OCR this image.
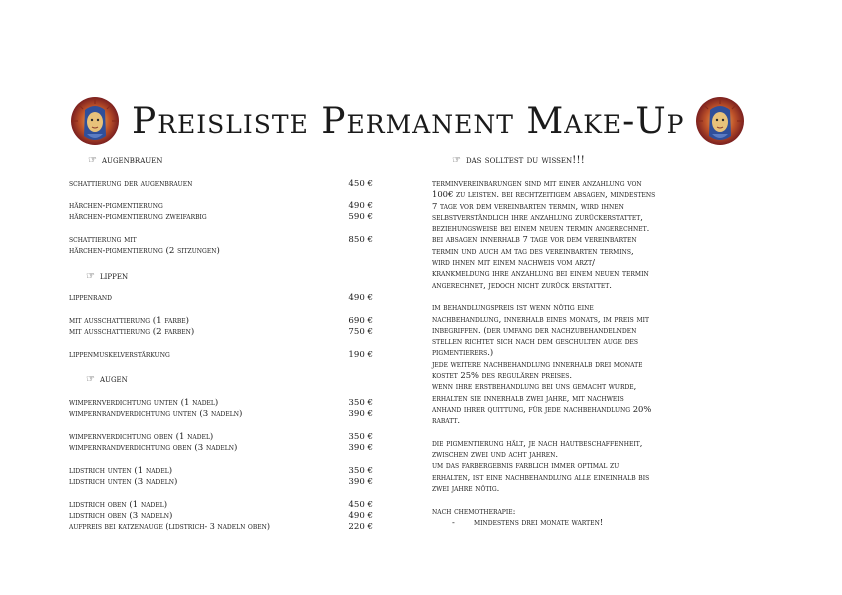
Preisliste Permanent Make-Up
☞ augenbrauen
☞ lippen
☞ augen
☞ das solltest du wissen!!!
schattierung der augenbrauen	450 €
härchen-pigmentierung	490 €
härchen-pigmentierung zweifarbig	590 €
schattierung mit	850 €
härchen-pigmentierung (2 sitzungen)
lippenrand	490 €
mit ausschattierung (1 farbe)	690 €
mit ausschattierung (2 farben)	750 €
lippenmuskelverstärkung	190 €
wimpernverdichtung unten (1 nadel)	350 €
wimpernrandverdichtung unten (3 nadeln)	390 €
wimpernverdichtung oben (1 nadel)	350 €
wimpernrandverdichtung oben (3 nadeln)	390 €
lidstrich unten (1 nadel)	350 €
lidstrich unten (3 nadeln)	390 €
lidstrich oben (1 nadel)	450 €
lidstrich oben (3 nadeln)	490 €
aufpreis bei katzenauge (lidstrich- 3 nadeln oben)	220 €

terminvereinbarungen sind mit einer anzahlung von
100€ zu leisten. bei rechtzeitigem absagen, mindestens
7 tage vor dem vereinbarten termin, wird ihnen
selbstverständlich ihre anzahlung zurückerstattet,
beziehungsweise bei einem neuen termin angerechnet.
bei absagen innerhalb 7 tage vor dem vereinbarten
termin und auch am tag des vereinbarten termins,
wird ihnen mit einem nachweis vom arzt/
krankmeldung ihre anzahlung bei einem neuen termin
angerechnet, jedoch nicht zurück erstattet.

im behandlungspreis ist wenn nötig eine
nachbehandlung, innerhalb eines monats, im preis mit
inbegriffen. (der umfang der nachzubehandelnden
stellen richtet sich nach dem geschulten auge des
pigmentierers.)
jede weitere nachbehandlung innerhalb drei monate
kostet 25% des regulären preises.
wenn ihre erstbehandlung bei uns gemacht wurde,
erhalten sie innerhalb zwei jahre, mit nachweis
anhand ihrer quittung, für jede nachbehandlung 20%
rabatt.

die pigmentierung hält, je nach hautbeschaffenheit,
zwischen zwei und acht jahren.
um das farbergebnis farblich immer optimal zu
erhalten, ist eine nachbehandlung alle eineinhalb bis
zwei jahre nötig.

nach chemotherapie:
- mindestens drei monate warten!
